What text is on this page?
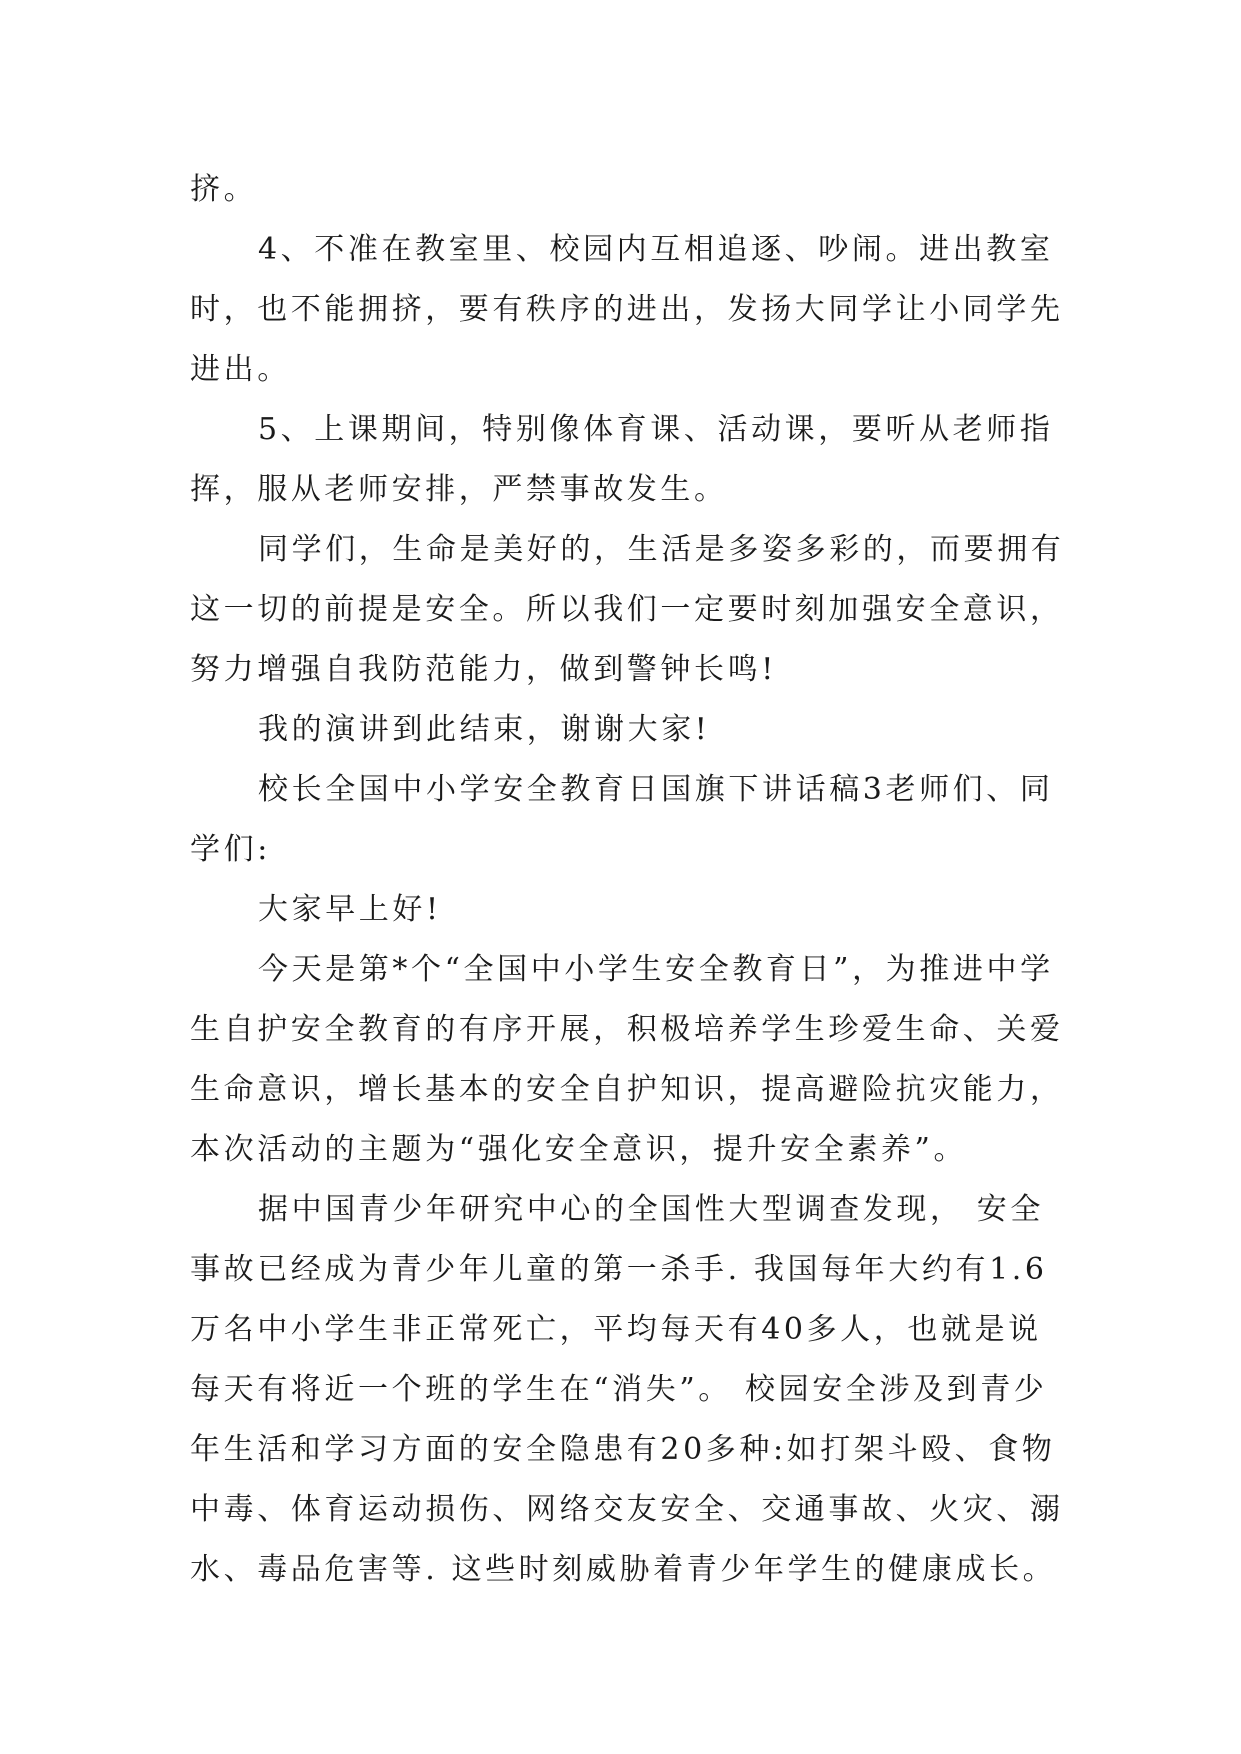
挤。

4、不准在教室里、校园内互相追逐、吵闹。进出教室时，也不能拥挤，要有秩序的进出，发扬大同学让小同学先进出。

5、上课期间，特别像体育课、活动课，要听从老师指挥，服从老师安排，严禁事故发生。

同学们，生命是美好的，生活是多姿多彩的，而要拥有这一切的前提是安全。所以我们一定要时刻加强安全意识，努力增强自我防范能力，做到警钟长鸣!

我的演讲到此结束，谢谢大家!

校长全国中小学安全教育日国旗下讲话稿3老师们、同学们:

大家早上好!

今天是第*个“全国中小学生安全教育日”，为推进中学生自护安全教育的有序开展，积极培养学生珍爱生命、关爱生命意识，增长基本的安全自护知识，提高避险抗灾能力，本次活动的主题为“强化安全意识，提升安全素养”。

据中国青少年研究中心的全国性大型调查发现， 安全事故已经成为青少年儿童的第一杀手. 我国每年大约有1.6万名中小学生非正常死亡，平均每天有40多人，也就是说每天有将近一个班的学生在“消失”。 校园安全涉及到青少年生活和学习方面的安全隐患有20多种:如打架斗殴、食物中毒、体育运动损伤、网络交友安全、交通事故、火灾、溺水、毒品危害等. 这些时刻威胁着青少年学生的健康成长。
